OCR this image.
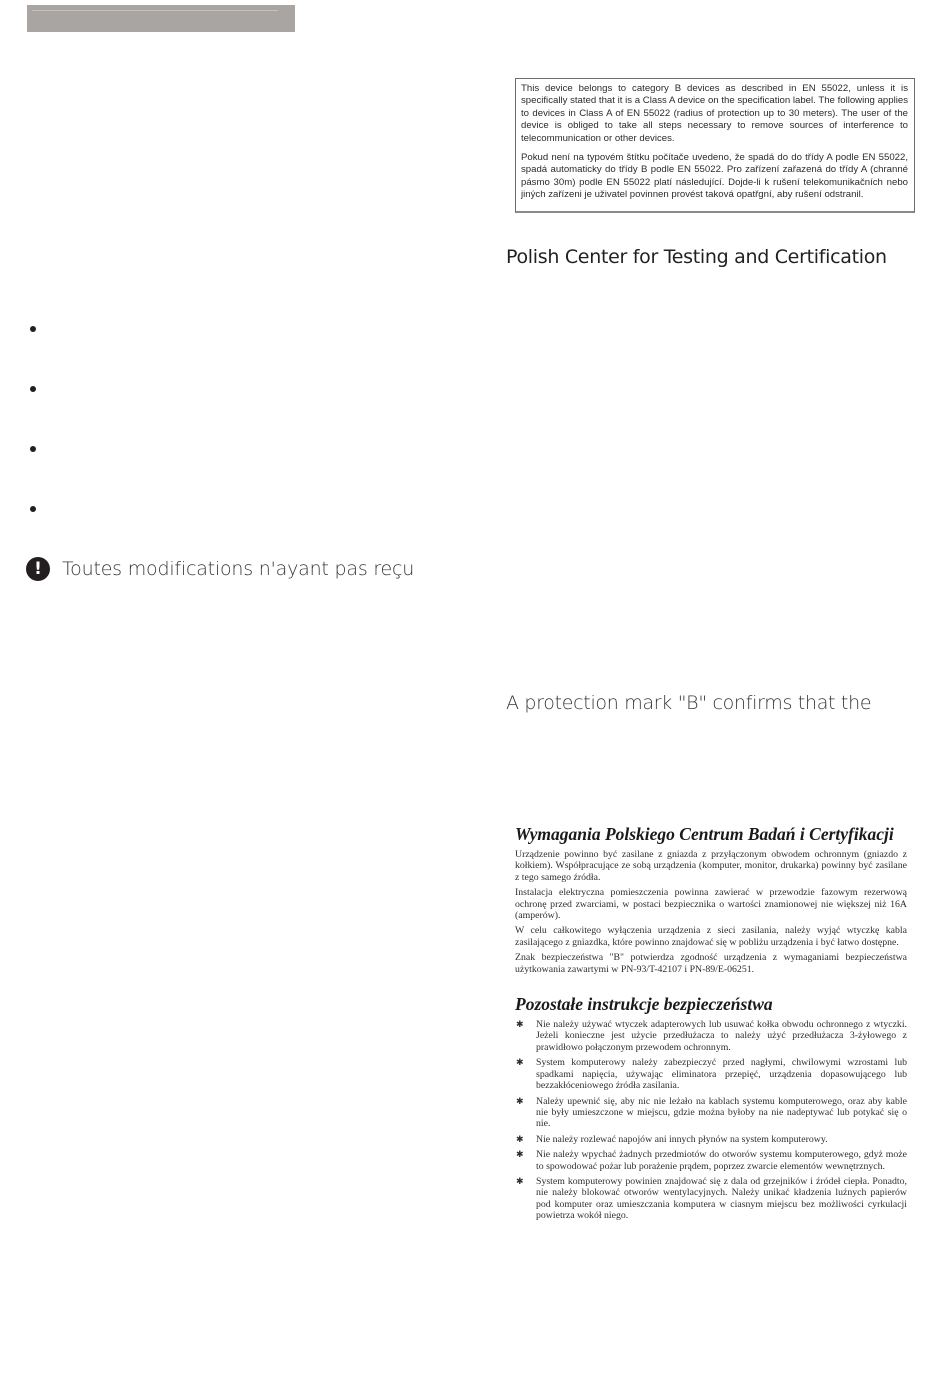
!	Toutes modifications n'ayant pas reçu

This device belongs to category B devices as described in EN 55022, unless it is specifically stated that it is a Class A device on the specification label. The following applies to devices in Class A of EN 55022 (radius of protection up to 30 meters). The user of the device is obliged to take all steps necessary to remove sources of interference to telecommunication or other devices.

Pokud není na typovém štítku počítače uvedeno, že spadá do do třídy A podle EN 55022, spadá automaticky do třídy B podle EN 55022. Pro zařízení zařazená do třídy A (chranné pásmo 30m) podle EN 55022 platí následující. Dojde-li k rušení telekomunikačních nebo jiných zařízeni je uživatel povinnen provést taková opatřgní, aby rušení odstranil.

Polish Center for Testing and Certification
A protection mark "B" confirms that the
Wymagania Polskiego Centrum Badań i Certyfikacji

Urządzenie powinno być zasilane z gniazda z przyłączonym obwodem ochronnym (gniazdo z kołkiem). Współpracujące ze sobą urządzenia (komputer, monitor, drukarka) powinny być zasilane z tego samego źródła.

Instalacja elektryczna pomieszczenia powinna zawierać w przewodzie fazowym rezerwową ochronę przed zwarciami, w postaci bezpiecznika o wartości znamionowej nie większej niż 16A (amperów).

W celu całkowitego wyłączenia urządzenia z sieci zasilania, należy wyjąć wtyczkę kabla zasilającego z gniazdka, które powinno znajdować się w pobliżu urządzenia i być łatwo dostępne.

Znak bezpieczeństwa "B" potwierdza zgodność urządzenia z wymaganiami bezpieczeństwa użytkowania zawartymi w PN-93/T-42107 i PN-89/E-06251.

Pozostałe instrukcje bezpieczeństwa
✱ Nie należy używać wtyczek adapterowych lub usuwać kołka obwodu ochronnego z wtyczki. Jeżeli konieczne jest użycie przedłużacza to należy użyć przedłużacza 3-żyłowego z prawidłowo połączonym przewodem ochronnym.
✱ System komputerowy należy zabezpieczyć przed nagłymi, chwilowymi wzrostami lub spadkami napięcia, używając eliminatora przepięć, urządzenia dopasowującego lub bezzakłóceniowego źródła zasilania.
✱ Należy upewnić się, aby nic nie leżało na kablach systemu komputerowego, oraz aby kable nie były umieszczone w miejscu, gdzie można byłoby na nie nadeptywać lub potykać się o nie.
✱ Nie należy rozlewać napojów ani innych płynów na system komputerowy.
✱ Nie należy wpychać żadnych przedmiotów do otworów systemu komputerowego, gdyż może to spowodować pożar lub porażenie prądem, poprzez zwarcie elementów wewnętrznych.
✱ System komputerowy powinien znajdować się z dala od grzejników i źródeł ciepła. Ponadto, nie należy blokować otworów wentylacyjnych. Należy unikać kładzenia luźnych papierów pod komputer oraz umieszczania komputera w ciasnym miejscu bez możliwości cyrkulacji powietrza wokół niego.
